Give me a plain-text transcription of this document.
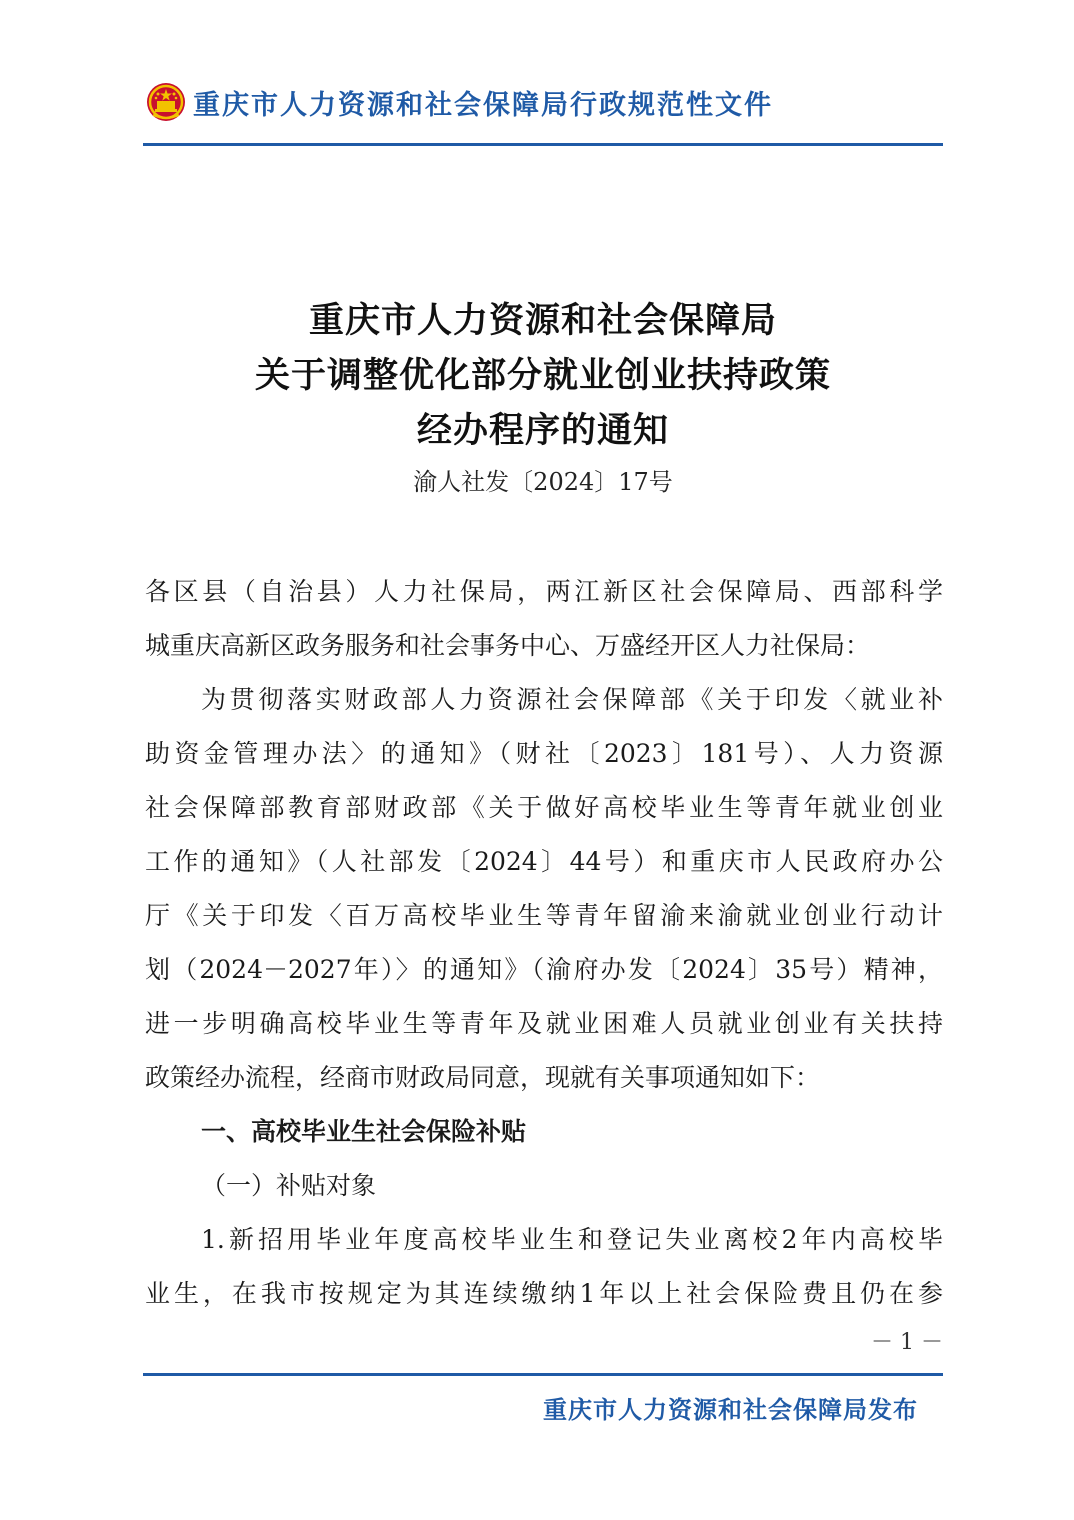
重庆市人力资源和社会保障局行政规范性文件
重庆市人力资源和社会保障局
关于调整优化部分就业创业扶持政策
经办程序的通知
渝人社发〔2024〕17号
各区县（自治县）人力社保局，两江新区社会保障局、西部科学
城重庆高新区政务服务和社会事务中心、万盛经开区人力社保局：
为贯彻落实财政部人力资源社会保障部《关于印发〈就业补
助资金管理办法〉的通知》（财社〔2023〕181号）、人力资源
社会保障部教育部财政部《关于做好高校毕业生等青年就业创业
工作的通知》（人社部发〔2024〕44号）和重庆市人民政府办公
厅《关于印发〈百万高校毕业生等青年留渝来渝就业创业行动计
划（2024－2027年）〉的通知》（渝府办发〔2024〕35号）精神，
进一步明确高校毕业生等青年及就业困难人员就业创业有关扶持
政策经办流程，经商市财政局同意，现就有关事项通知如下：
一、高校毕业生社会保险补贴
（一）补贴对象
1.新招用毕业年度高校毕业生和登记失业离校2年内高校毕
业生，在我市按规定为其连续缴纳1年以上社会保险费且仍在参
－ 1 －
重庆市人力资源和社会保障局发布
